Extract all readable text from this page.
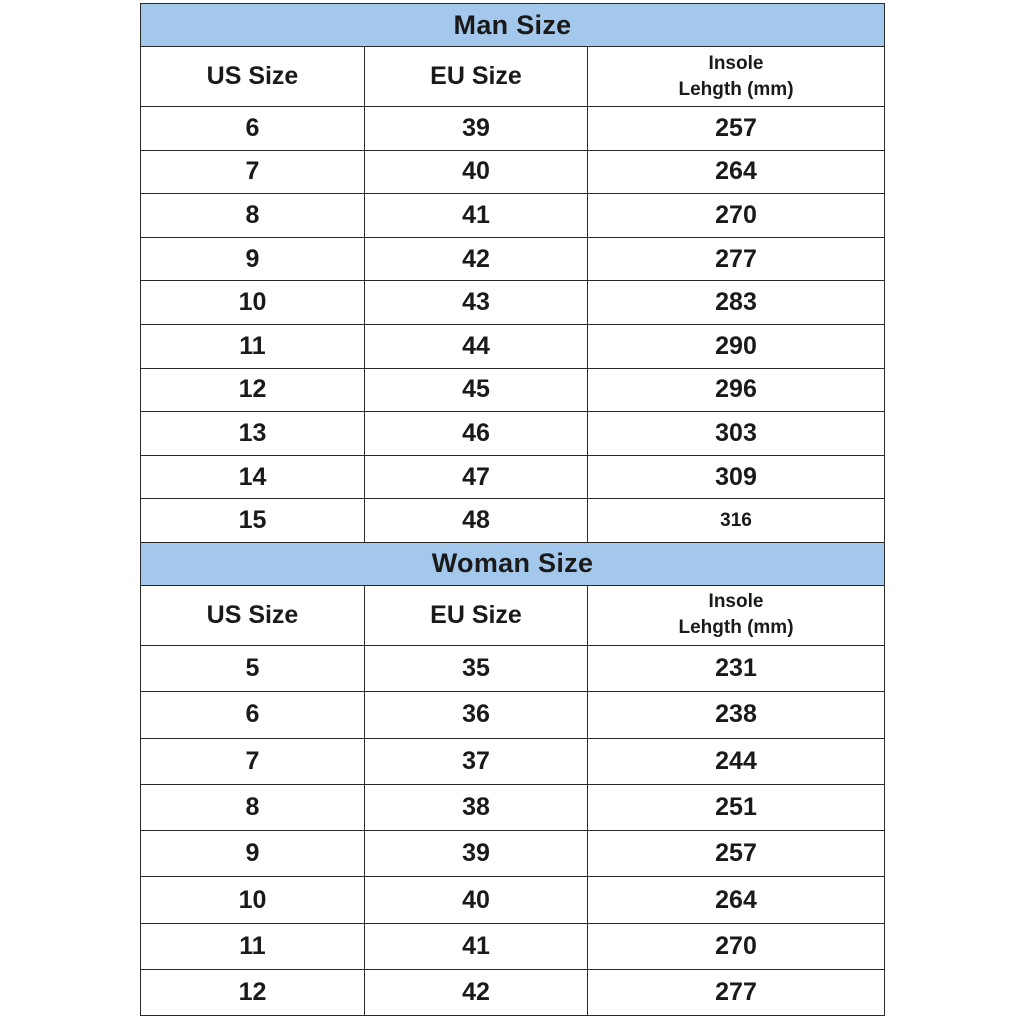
Man Size		
US Size	EU Size	Insole
Lehgth (mm)

6	39	257
7	40	264
8	41	270
9	42	277
10	43	283
11	44	290
12	45	296
13	46	303
14	47	309
15	48	316
Woman Size		
US Size	EU Size	Insole
Lehgth (mm)

5	35	231
6	36	238
7	37	244
8	38	251
9	39	257
10	40	264
11	41	270
12	42	277
